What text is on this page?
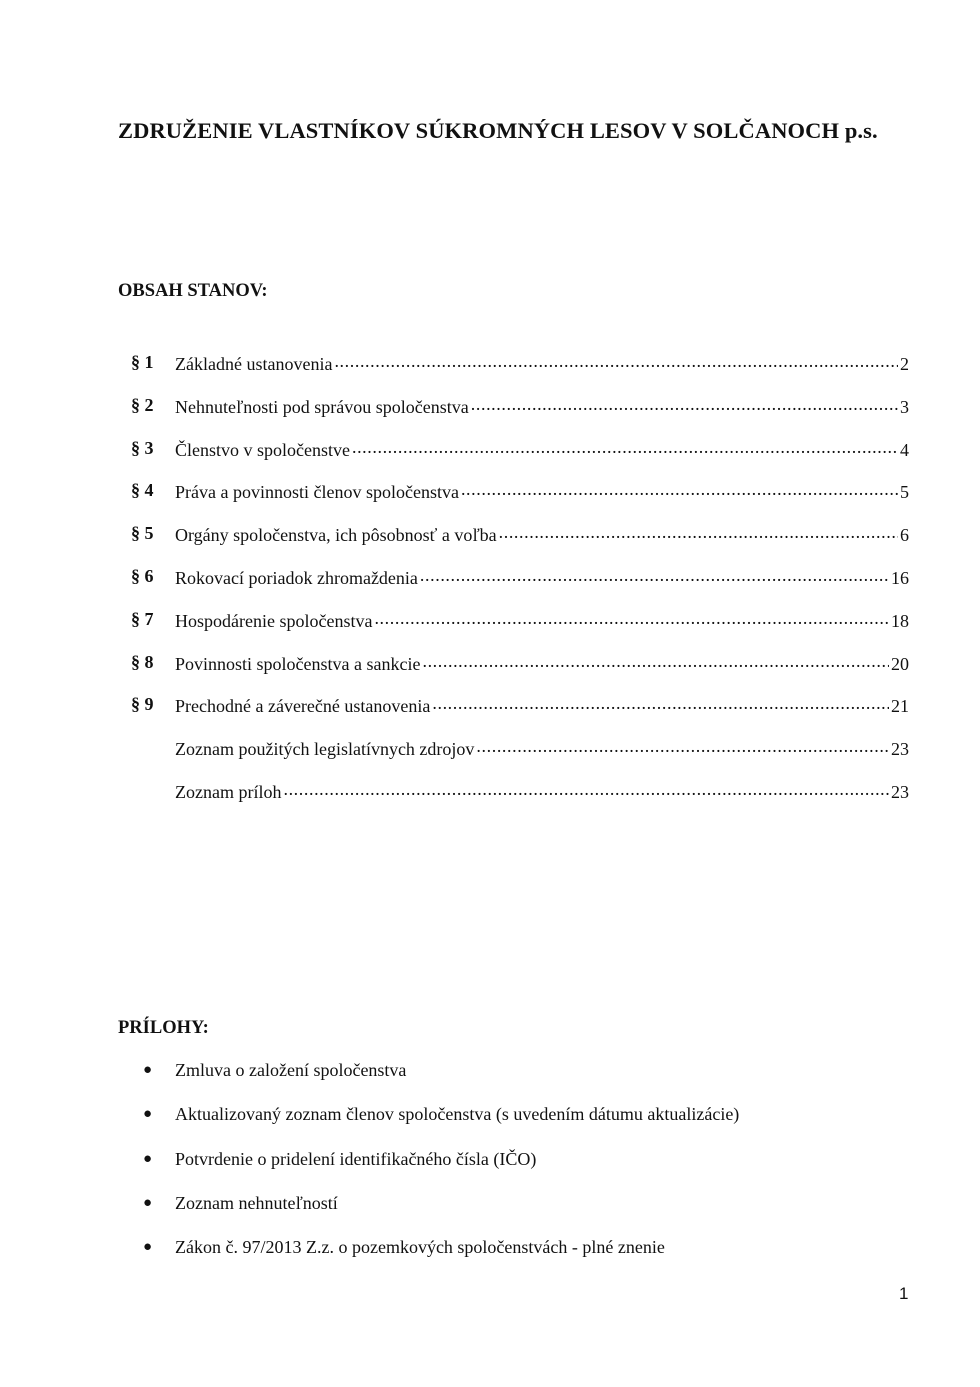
ZDRUŽENIE VLASTNÍKOV SÚKROMNÝCH LESOV V SOLČANOCH p.s.
OBSAH STANOV:
§ 1 Základné ustanovenia .....	2
§ 2 Nehnuteľnosti pod správou spoločenstva .....	3
§ 3 Členstvo v spoločenstve .....	4
§ 4 Práva a povinnosti členov spoločenstva .....	5
§ 5 Orgány spoločenstva, ich pôsobnosť a voľba .....	6
§ 6 Rokovací poriadok zhromaždenia .....	16
§ 7 Hospodárenie spoločenstva .....	18
§ 8 Povinnosti spoločenstva a sankcie .....	20
§ 9 Prechodné a záverečné ustanovenia .....	21
Zoznam použitých legislatívnych zdrojov .....	23
Zoznam príloh .....	23
PRÍLOHY:
● Zmluva o založení spoločenstva
● Aktualizovaný zoznam členov spoločenstva (s uvedením dátumu aktualizácie)
● Potvrdenie o pridelení identifikačného čísla (IČO)
● Zoznam nehnuteľností
● Zákon č. 97/2013 Z.z. o pozemkových spoločenstvách - plné znenie
1
